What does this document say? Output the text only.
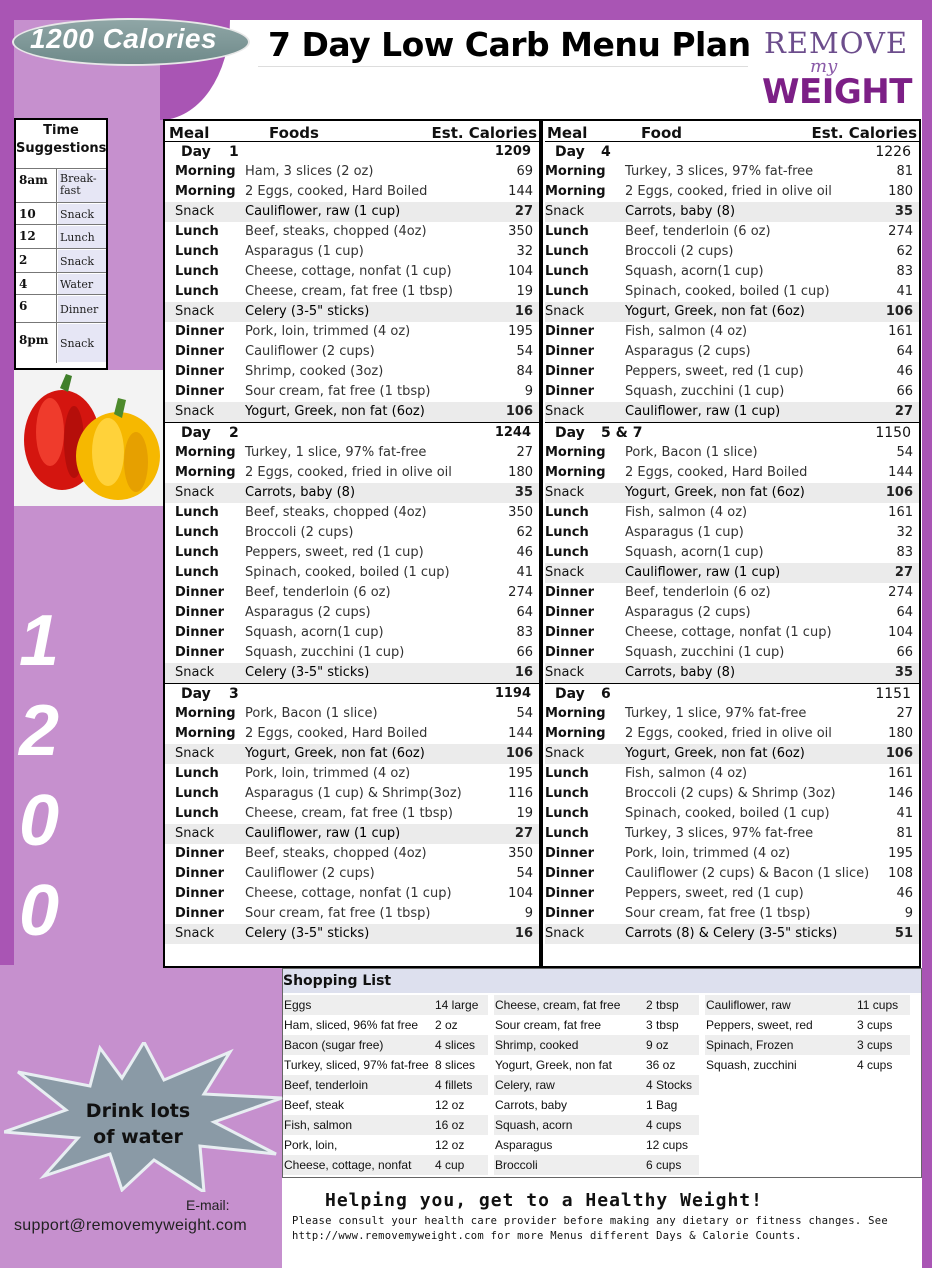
1200 Calories 7 Day Low Carb Menu Plan REMOVE
my
WEIGHT
Time
Suggestions
8am Break-fast
10 Snack
12 Lunch
2	Snack
4	Water
6	Dinner
8pm Snack
1
2
0
0
Meal	Foods	Est. Calories
Day 1	1209
Morning Ham, 3 slices (2 oz)	69
Morning 2 Eggs, cooked, Hard Boiled	144
Snack Cauliflower, raw (1 cup)	27
Lunch Beef, steaks, chopped (4oz)	350
Lunch Asparagus (1 cup)	32
Lunch Cheese, cottage, nonfat (1 cup)	104
Lunch Cheese, cream, fat free (1 tbsp)	19
Snack Celery (3-5" sticks)	16
Dinner Pork, loin, trimmed (4 oz)	195
Dinner Cauliflower (2 cups)	54
Dinner Shrimp, cooked (3oz)	84
Dinner Sour cream, fat free (1 tbsp)	9
Snack Yogurt, Greek, non fat (6oz)	106
Day 2	1244
Morning Turkey, 1 slice, 97% fat-free	27
Morning 2 Eggs, cooked, fried in olive oil	180
Snack Carrots, baby (8)	35
Lunch Beef, steaks, chopped (4oz)	350
Lunch Broccoli (2 cups)	62
Lunch Peppers, sweet, red (1 cup)	46
Lunch Spinach, cooked, boiled (1 cup)	41
Dinner Beef, tenderloin (6 oz)	274
Dinner Asparagus (2 cups)	64
Dinner Squash, acorn(1 cup)	83
Dinner Squash, zucchini (1 cup)	66
Snack Celery (3-5" sticks)	16
Day 3	1194
Morning Pork, Bacon (1 slice)	54
Morning 2 Eggs, cooked, Hard Boiled	144
Snack Yogurt, Greek, non fat (6oz)	106
Lunch Pork, loin, trimmed (4 oz)	195
Lunch Asparagus (1 cup) & Shrimp(3oz)	116
Lunch Cheese, cream, fat free (1 tbsp)	19
Snack Cauliflower, raw (1 cup)	27
Dinner Beef, steaks, chopped (4oz)	350
Dinner Cauliflower (2 cups)	54
Dinner Cheese, cottage, nonfat (1 cup)	104
Dinner Sour cream, fat free (1 tbsp)	9
Snack Celery (3-5" sticks)	16
Meal	Food	Est. Calories
Day 4	1226
Morning Turkey, 3 slices, 97% fat-free	81
Morning 2 Eggs, cooked, fried in olive oil	180
Snack	Carrots, baby (8)	35
Lunch	Beef, tenderloin (6 oz)	274
Lunch	Broccoli (2 cups)	62
Lunch	Squash, acorn(1 cup)	83
Lunch	Spinach, cooked, boiled (1 cup)	41
Snack	Yogurt, Greek, non fat (6oz)	106
Dinner Fish, salmon (4 oz)	161
Dinner Asparagus (2 cups)	64
Dinner Peppers, sweet, red (1 cup)	46
Dinner Squash, zucchini (1 cup)	66
Snack	Cauliflower, raw (1 cup)	27
Day 5 & 7	1150
Morning Pork, Bacon (1 slice)	54
Morning 2 Eggs, cooked, Hard Boiled	144
Snack	Yogurt, Greek, non fat (6oz)	106
Lunch	Fish, salmon (4 oz)	161
Lunch	Asparagus (1 cup)	32
Lunch	Squash, acorn(1 cup)	83
Snack	Cauliflower, raw (1 cup)	27
Dinner Beef, tenderloin (6 oz)	274
Dinner Asparagus (2 cups)	64
Dinner Cheese, cottage, nonfat (1 cup)	104
Dinner Squash, zucchini (1 cup)	66
Snack	Carrots, baby (8)	35
Day 6	1151
Morning Turkey, 1 slice, 97% fat-free	27
Morning 2 Eggs, cooked, fried in olive oil	180
Snack	Yogurt, Greek, non fat (6oz)	106
Lunch	Fish, salmon (4 oz)	161
Lunch	Broccoli (2 cups) & Shrimp (3oz)	146
Lunch	Spinach, cooked, boiled (1 cup)	41
Lunch	Turkey, 3 slices, 97% fat-free	81
Dinner Pork, loin, trimmed (4 oz)	195
Dinner Cauliflower (2 cups) & Bacon (1 slice) 108
Dinner Peppers, sweet, red (1 cup)	46
Dinner Sour cream, fat free (1 tbsp)	9
Snack	Carrots (8) & Celery (3-5" sticks)	51
Shopping List
Eggs	14 large
Ham, sliced, 96% fat free 2 oz
Bacon (sugar free)	4 slices
Turkey, sliced, 97% fat-free 8 slices
Beef, tenderloin	4 fillets
Beef, steak	12 oz
Fish, salmon	16 oz
Pork, loin,	12 oz
Cheese, cottage, nonfat 4 cup
Cheese, cream, fat free 2 tbsp
Sour cream, fat free	3 tbsp
Shrimp, cooked	9 oz
Yogurt, Greek, non fat	36 oz
Celery, raw	4 Stocks
Carrots, baby	1 Bag
Squash, acorn	4 cups
Asparagus	12 cups
Broccoli	6 cups
Cauliflower, raw	11 cups
Peppers, sweet, red	3 cups
Spinach, Frozen	3 cups
Squash, zucchini	4 cups
Drink lots
of water
E-mail:
support@removemyweight.com
Helping you, get to a Healthy Weight!
Please consult your health care provider before making any dietary or fitness changes. See
http://www.removemyweight.com for more Menus different Days & Calorie Counts.
